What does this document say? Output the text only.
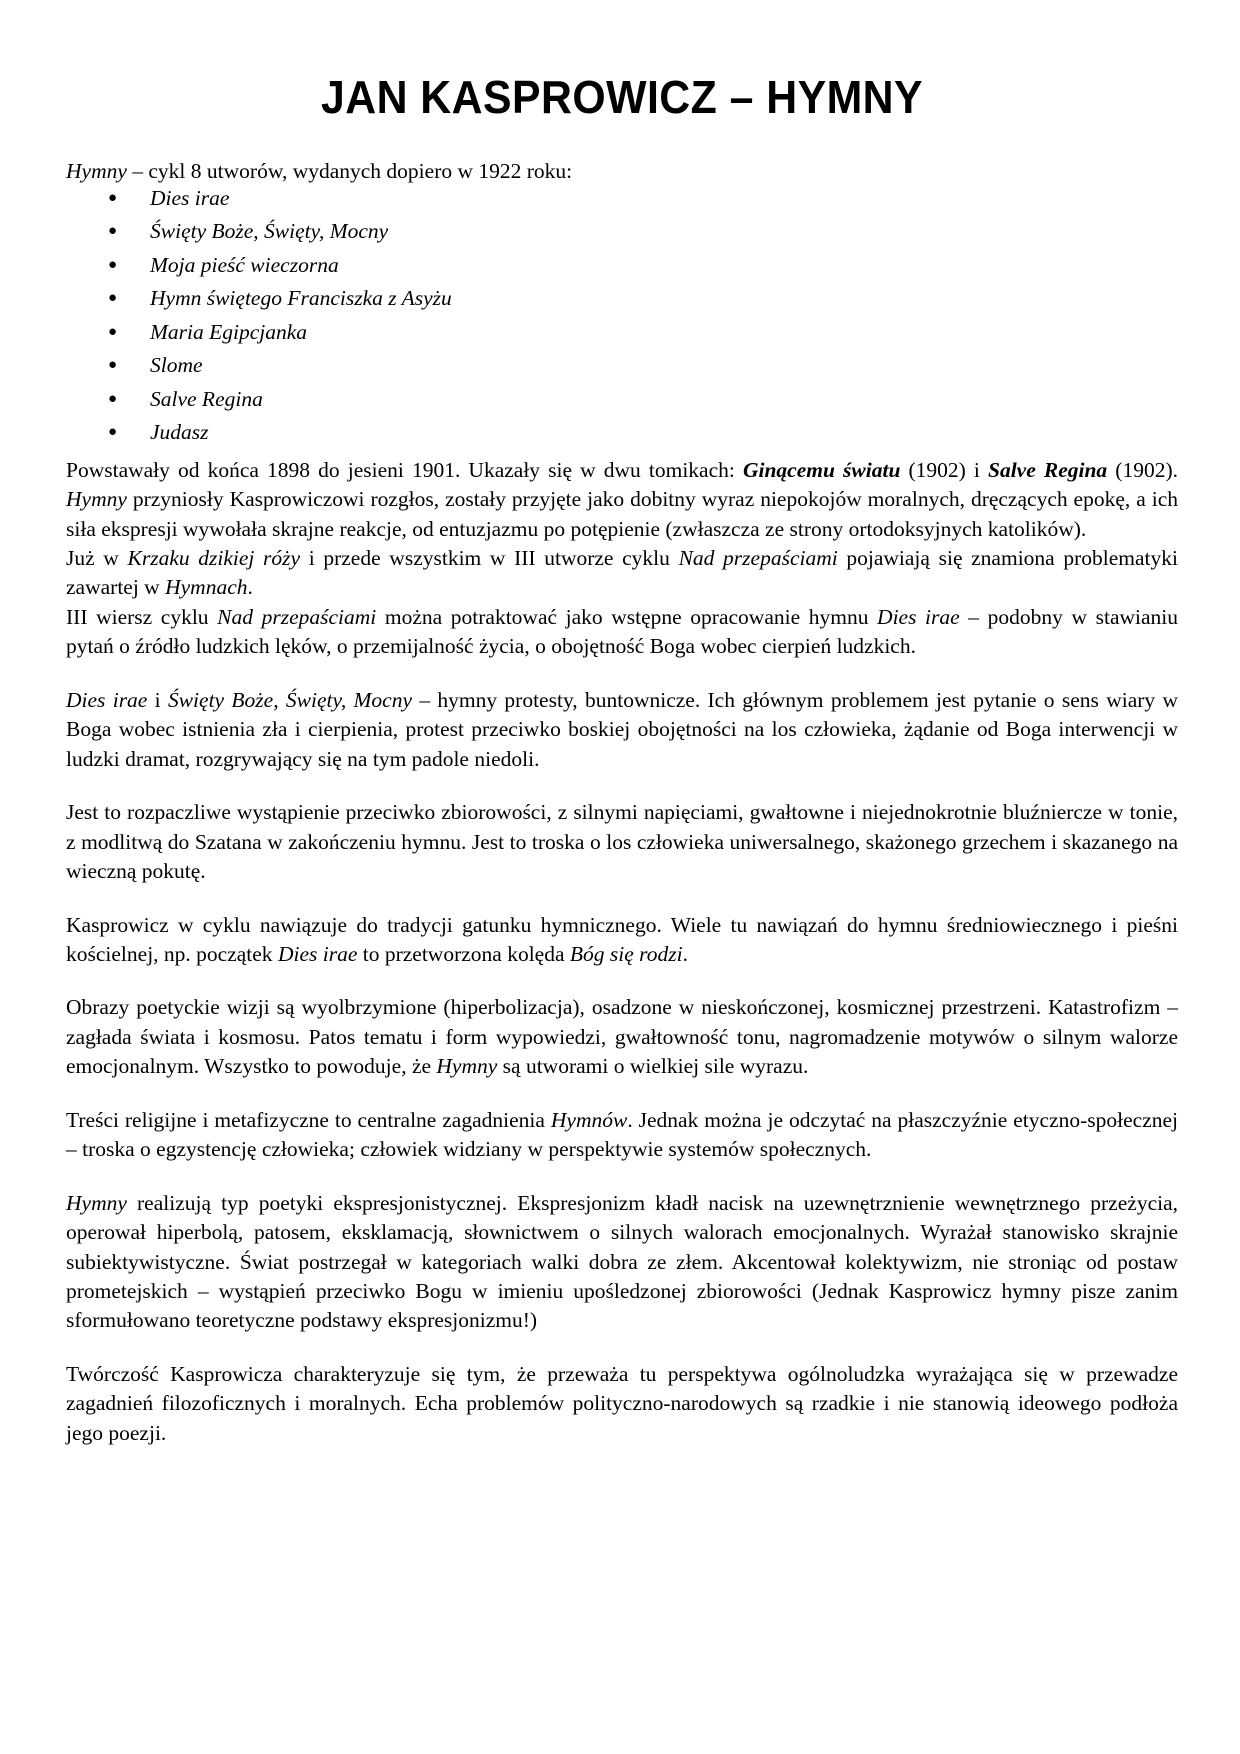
JAN KASPROWICZ – HYMNY

Hymny – cykl 8 utworów, wydanych dopiero w 1922 roku:

● Dies irae
● Święty Boże, Święty, Mocny
● Moja pieść wieczorna
● Hymn świętego Franciszka z Asyżu
● Maria Egipcjanka
● Slome
● Salve Regina
● Judasz

Powstawały od końca 1898 do jesieni 1901. Ukazały się w dwu tomikach: Ginącemu światu (1902) i Salve Regina (1902). Hymny przyniosły Kasprowiczowi rozgłos, zostały przyjęte jako dobitny wyraz niepokojów moralnych, dręczących epokę, a ich siła ekspresji wywołała skrajne reakcje, od entuzjazmu po potępienie (zwłaszcza ze strony ortodoksyjnych katolików).

Już w Krzaku dzikiej róży i przede wszystkim w III utworze cyklu Nad przepaściami pojawiają się znamiona problematyki zawartej w Hymnach.

III wiersz cyklu Nad przepaściami można potraktować jako wstępne opracowanie hymnu Dies irae – podobny w stawianiu pytań o źródło ludzkich lęków, o przemijalność życia, o obojętność Boga wobec cierpień ludzkich.

Dies irae i Święty Boże, Święty, Mocny – hymny protesty, buntownicze. Ich głównym problemem jest pytanie o sens wiary w Boga wobec istnienia zła i cierpienia, protest przeciwko boskiej obojętności na los człowieka, żądanie od Boga interwencji w ludzki dramat, rozgrywający się na tym padole niedoli.

Jest to rozpaczliwe wystąpienie przeciwko zbiorowości, z silnymi napięciami, gwałtowne i niejednokrotnie bluźniercze w tonie, z modlitwą do Szatana w zakończeniu hymnu. Jest to troska o los człowieka uniwersalnego, skażonego grzechem i skazanego na wieczną pokutę.

Kasprowicz w cyklu nawiązuje do tradycji gatunku hymnicznego. Wiele tu nawiązań do hymnu średniowiecznego i pieśni kościelnej, np. początek Dies irae to przetworzona kolęda Bóg się rodzi.

Obrazy poetyckie wizji są wyolbrzymione (hiperbolizacja), osadzone w nieskończonej, kosmicznej przestrzeni. Katastrofizm – zagłada świata i kosmosu. Patos tematu i form wypowiedzi, gwałtowność tonu, nagromadzenie motywów o silnym walorze emocjonalnym. Wszystko to powoduje, że Hymny są utworami o wielkiej sile wyrazu.

Treści religijne i metafizyczne to centralne zagadnienia Hymnów. Jednak można je odczytać na płaszczyźnie etyczno-społecznej – troska o egzystencję człowieka; człowiek widziany w perspektywie systemów społecznych.

Hymny realizują typ poetyki ekspresjonistycznej. Ekspresjonizm kładł nacisk na uzewnętrznienie wewnętrznego przeżycia, operował hiperbolą, patosem, eksklamacją, słownictwem o silnych walorach emocjonalnych. Wyrażał stanowisko skrajnie subiektywistyczne. Świat postrzegał w kategoriach walki dobra ze złem. Akcentował kolektywizm, nie stroniąc od postaw prometejskich – wystąpień przeciwko Bogu w imieniu upośledzonej zbiorowości (Jednak Kasprowicz hymny pisze zanim sformułowano teoretyczne podstawy ekspresjonizmu!)

Twórczość Kasprowicza charakteryzuje się tym, że przeważa tu perspektywa ogólnoludzka wyrażająca się w przewadze zagadnień filozoficznych i moralnych. Echa problemów polityczno-narodowych są rzadkie i nie stanowią ideowego podłoża jego poezji.
